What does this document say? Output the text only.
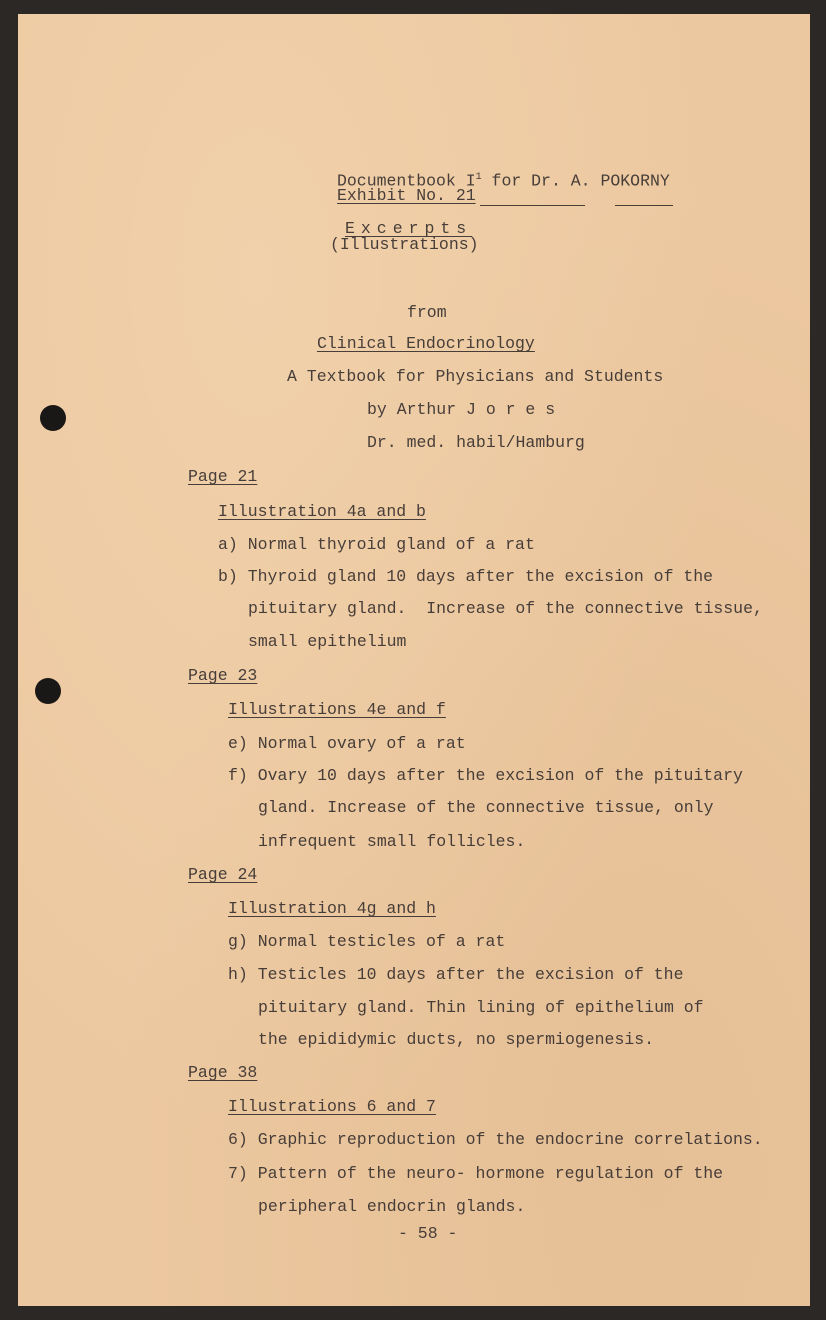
Documentbook $I^1$ for Dr. A. POKORNY
Exhibit No. 21
Excerpts
(Illustrations)
from
Clinical Endocrinology
A Textbook for Physicians and Students
by Arthur J o r e s
Dr. med. habil/Hamburg
Page 21
Illustration 4a and b
a) Normal thyroid gland of a rat
b) Thyroid gland 10 days after the excision of the
pituitary gland.  Increase of the connective tissue,
small epithelium
Page 23
Illustrations 4e and f
e) Normal ovary of a rat
f) Ovary 10 days after the excision of the pituitary
gland. Increase of the connective tissue, only
infrequent small follicles.
Page 24
Illustration 4g and h
g) Normal testicles of a rat
h) Testicles 10 days after the excision of the
pituitary gland. Thin lining of epithelium of
the epididymic ducts, no spermiogenesis.
Page 38
Illustrations 6 and 7
6) Graphic reproduction of the endocrine correlations.
7) Pattern of the neuro- hormone regulation of the
peripheral endocrin glands.
- 58 -
